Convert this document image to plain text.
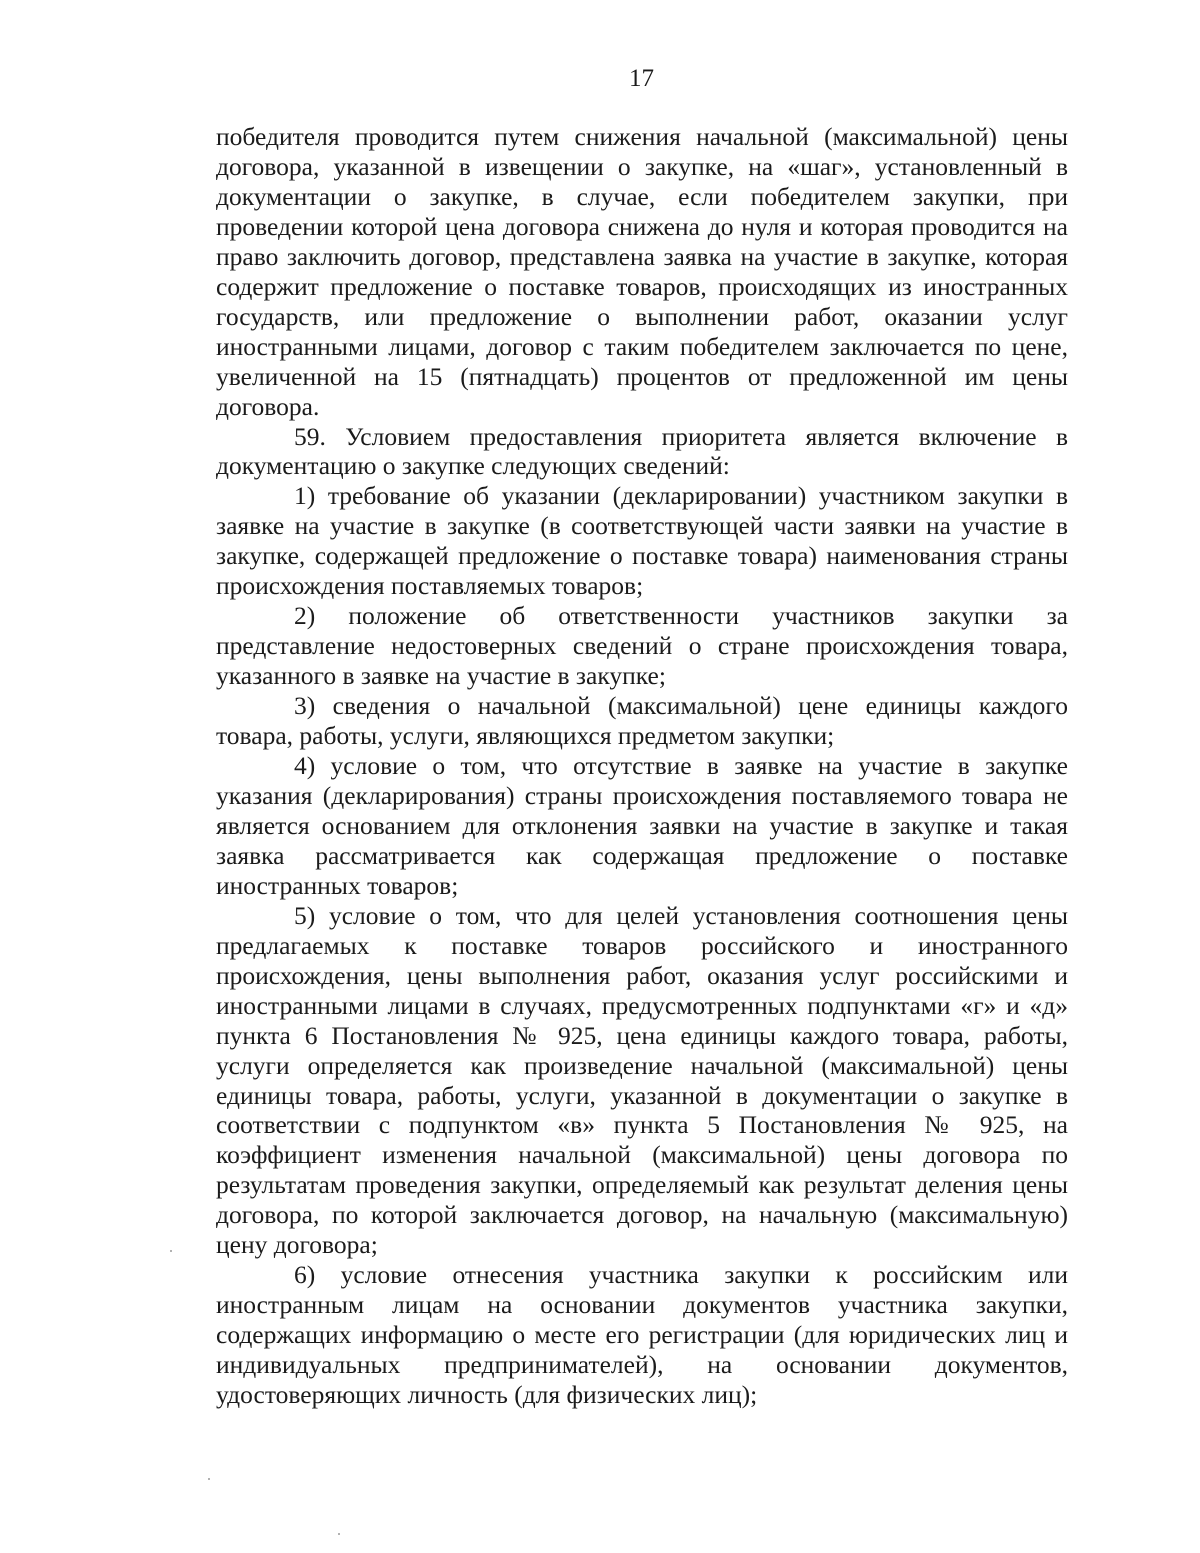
17

победителя проводится путем снижения начальной (максимальной) цены договора, указанной в извещении о закупке, на «шаг», установленный в документации о закупке, в случае, если победителем закупки, при проведении которой цена договора снижена до нуля и которая проводится на право заключить договор, представлена заявка на участие в закупке, которая содержит предложение о поставке товаров, происходящих из иностранных государств, или предложение о выполнении работ, оказании услуг иностранными лицами, договор с таким победителем заключается по цене, увеличенной на 15 (пятнадцать) процентов от предложенной им цены договора.

59. Условием предоставления приоритета является включение в документацию о закупке следующих сведений:

1) требование об указании (декларировании) участником закупки в заявке на участие в закупке (в соответствующей части заявки на участие в закупке, содержащей предложение о поставке товара) наименования страны происхождения поставляемых товаров;

2) положение об ответственности участников закупки за представление недостоверных сведений о стране происхождения товара, указанного в заявке на участие в закупке;

3) сведения о начальной (максимальной) цене единицы каждого товара, работы, услуги, являющихся предметом закупки;

4) условие о том, что отсутствие в заявке на участие в закупке указания (декларирования) страны происхождения поставляемого товара не является основанием для отклонения заявки на участие в закупке и такая заявка рассматривается как содержащая предложение о поставке иностранных товаров;

5) условие о том, что для целей установления соотношения цены предлагаемых к поставке товаров российского и иностранного происхождения, цены выполнения работ, оказания услуг российскими и иностранными лицами в случаях, предусмотренных подпунктами «г» и «д» пункта 6 Постановления № 925, цена единицы каждого товара, работы, услуги определяется как произведение начальной (максимальной) цены единицы товара, работы, услуги, указанной в документации о закупке в соответствии с подпунктом «в» пункта 5 Постановления № 925, на коэффициент изменения начальной (максимальной) цены договора по результатам проведения закупки, определяемый как результат деления цены договора, по которой заключается договор, на начальную (максимальную) цену договора;

6) условие отнесения участника закупки к российским или иностранным лицам на основании документов участника закупки, содержащих информацию о месте его регистрации (для юридических лиц и индивидуальных предпринимателей), на основании документов, удостоверяющих личность (для физических лиц);
